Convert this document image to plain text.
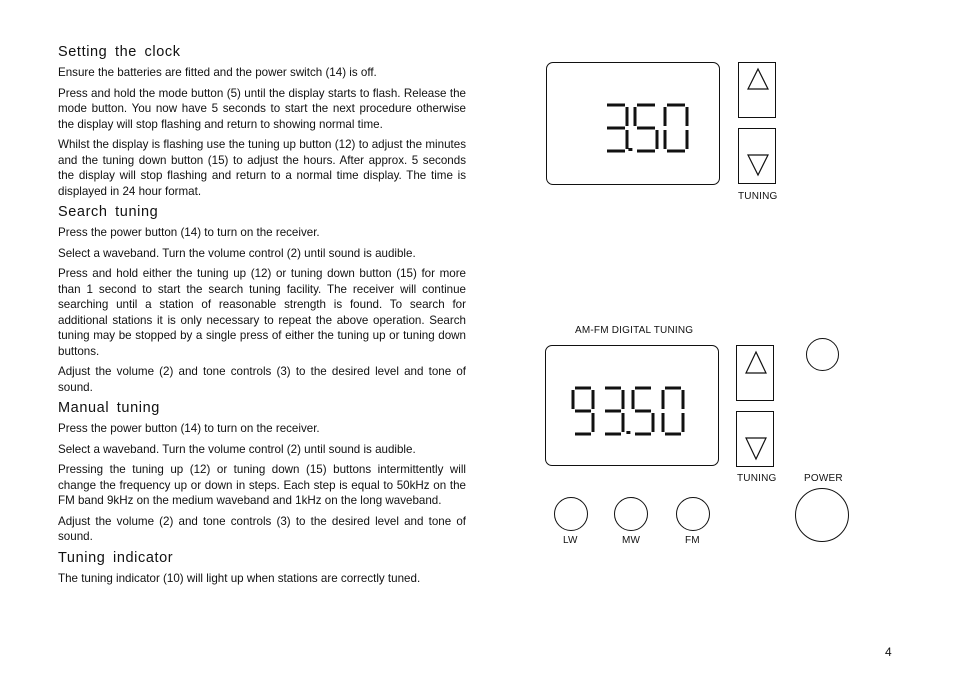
Setting the clock

Ensure the batteries are fitted and the power switch (14) is off.

Press and hold the mode button (5) until the display starts to flash. Release the mode button. You now have 5 seconds to start the next procedure otherwise the display will stop flashing and return to showing normal time.

Whilst the display is flashing use the tuning up button (12) to adjust the minutes and the tuning down button (15) to adjust the hours. After approx. 5 seconds the display will stop flashing and return to a normal time display. The time is displayed in 24 hour format.

Search tuning

Press the power button (14) to turn on the receiver.

Select a waveband. Turn the volume control (2) until sound is audible.

Press and hold either the tuning up (12) or tuning down button (15) for more than 1 second to start the search tuning facility. The receiver will continue searching until a station of reasonable strength is found. To search for additional stations it is only necessary to repeat the above operation. Search tuning may be stopped by a single press of either the tuning up or tuning down buttons.

Adjust the volume (2) and tone controls (3) to the desired level and tone of sound.

Manual tuning

Press the power button (14) to turn on the receiver.

Select a waveband. Turn the volume control (2) until sound is audible.

Pressing the tuning up (12) or tuning down (15) buttons intermittently will change the frequency up or down in steps. Each step is equal to 50kHz on the FM band 9kHz on the medium waveband and 1kHz on the long waveband.

Adjust the volume (2) and tone controls (3) to the desired level and tone of sound.

Tuning indicator

The tuning indicator (10) will light up when stations are correctly tuned.

TUNING
AM-FM DIGITAL TUNING
TUNING	POWER
LW	MW	FM
4
